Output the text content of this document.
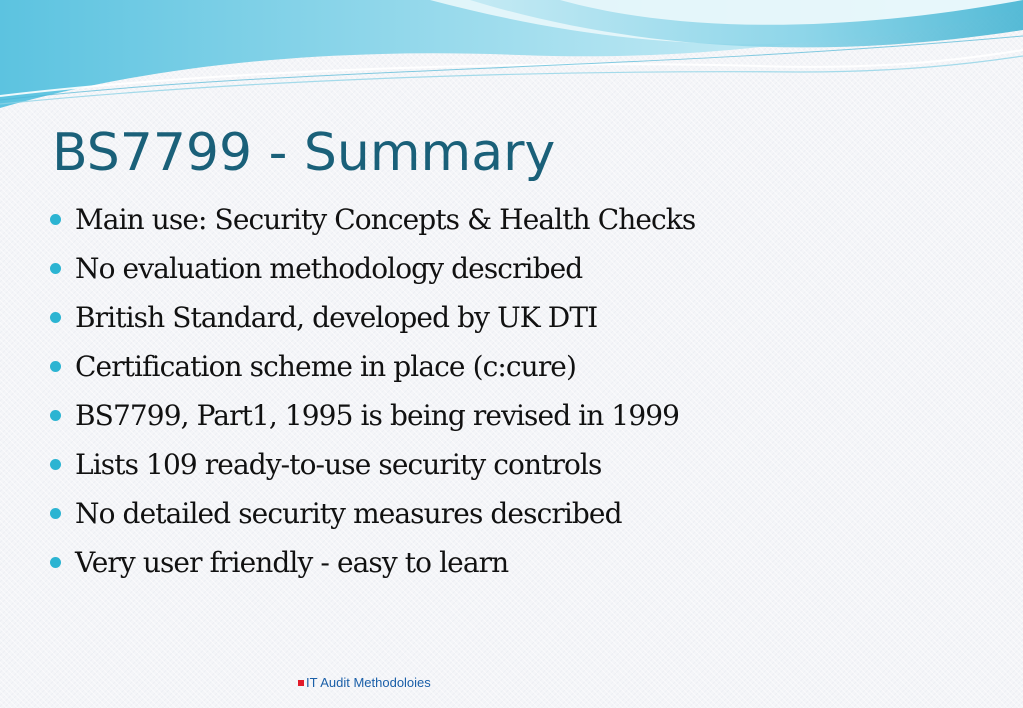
BS7799 - Summary
Main use: Security Concepts & Health Checks
No evaluation methodology described
British Standard, developed by UK DTI
Certification scheme in place (c:cure)
BS7799, Part1, 1995 is being revised in 1999
Lists 109 ready-to-use security controls
No detailed security measures described
Very user friendly - easy to learn
IT Audit Methodoloies
